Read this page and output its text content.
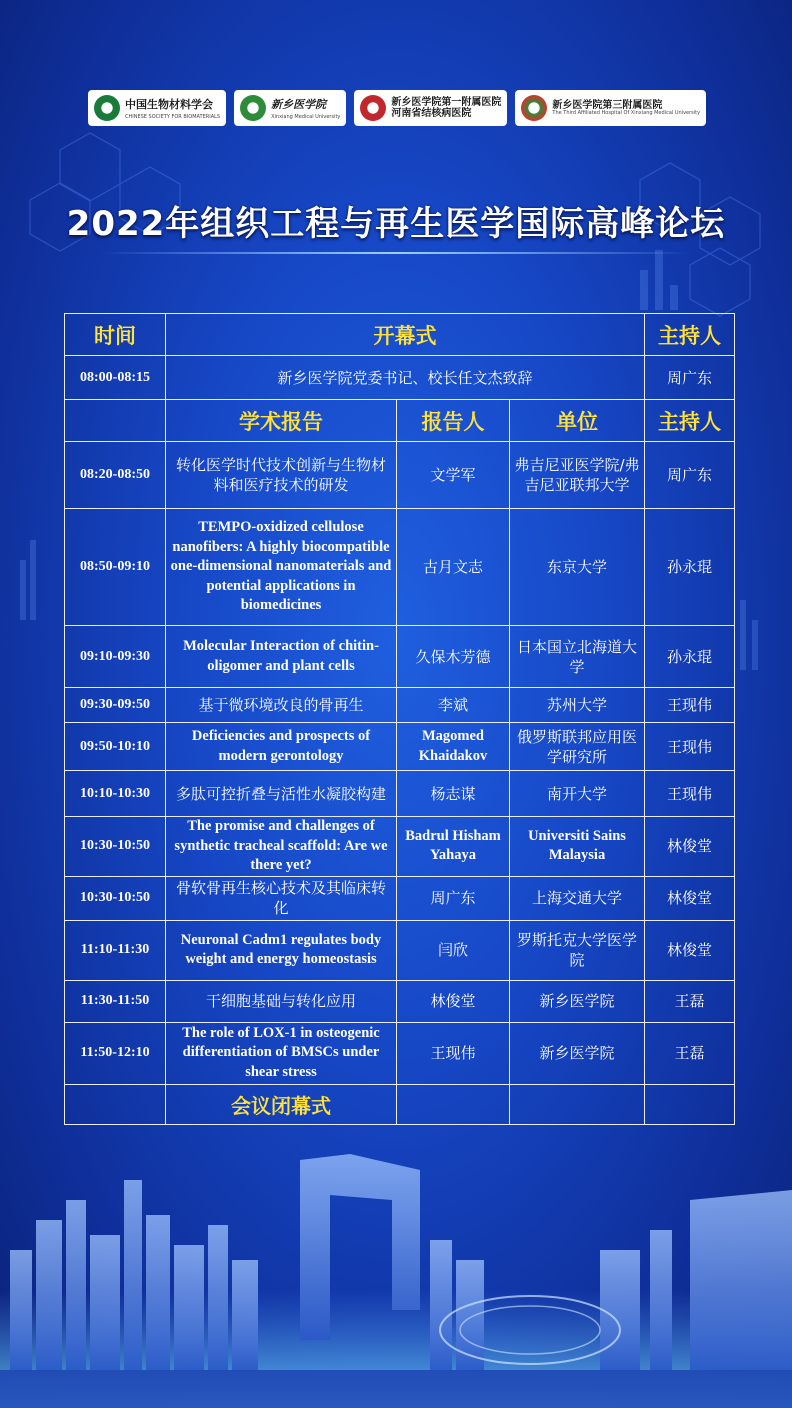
中国生物材料学会
CHINESE SOCIETY FOR BIOMATERIALS
新乡医学院
Xinxiang Medical University
新乡医学院第一附属医院
河南省结核病医院
新乡医学院第三附属医院
The Third Affiliated Hospital Of Xinxiang Medical University
2022年组织工程与再生医学国际高峰论坛
时间	开幕式			主持人
08:00-08:15	新乡医学院党委书记、校长任文杰致辞			周广东
	学术报告	报告人	单位	主持人
08:20-08:50	转化医学时代技术创新与生物材料和医疗技术的研发	文学军	弗吉尼亚医学院/弗吉尼亚联邦大学	周广东
08:50-09:10	TEMPO-oxidized cellulose nanofibers: A highly biocompatible one-dimensional nanomaterials and potential applications in biomedicines	古月文志	东京大学	孙永琨
09:10-09:30	Molecular Interaction of chitin-oligomer and plant cells	久保木芳德	日本国立北海道大学	孙永琨
09:30-09:50	基于微环境改良的骨再生	李斌	苏州大学	王现伟
09:50-10:10	Deficiencies and prospects of modern gerontology	Magomed Khaidakov	俄罗斯联邦应用医学研究所	王现伟
10:10-10:30	多肽可控折叠与活性水凝胶构建	杨志谋	南开大学	王现伟
10:30-10:50	The promise and challenges of synthetic tracheal scaffold: Are we there yet?	Badrul Hisham Yahaya	Universiti Sains Malaysia	林俊堂
10:30-10:50	骨软骨再生核心技术及其临床转化	周广东	上海交通大学	林俊堂
11:10-11:30	Neuronal Cadm1 regulates body weight and energy homeostasis	闫欣	罗斯托克大学医学院	林俊堂
11:30-11:50	干细胞基础与转化应用	林俊堂	新乡医学院	王磊
11:50-12:10	The role of LOX-1 in osteogenic differentiation of BMSCs under shear stress	王现伟	新乡医学院	王磊
	会议闭幕式			
